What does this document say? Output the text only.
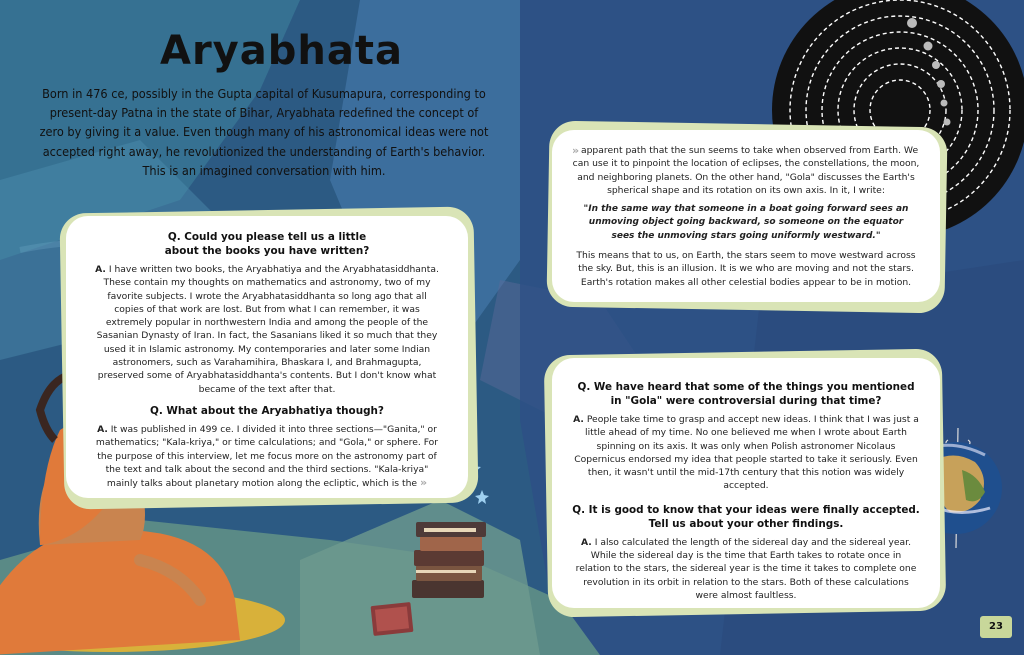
Aryabhata

Born in 476 ce, possibly in the Gupta capital of Kusumapura, corresponding to present-day Patna in the state of Bihar, Aryabhata redefined the concept of zero by giving it a value. Even though many of his astronomical ideas were not accepted right away, he revolutionized the understanding of Earth's behavior. This is an imagined conversation with him.

Q. Could you please tell us a little about the books you have written?

A. I have written two books, the Aryabhatiya and the Aryabhatasiddhanta. These contain my thoughts on mathematics and astronomy, two of my favorite subjects. I wrote the Aryabhatasiddhanta so long ago that all copies of that work are lost. But from what I can remember, it was extremely popular in northwestern India and among the people of the Sasanian Dynasty of Iran. In fact, the Sasanians liked it so much that they used it in Islamic astronomy. My contemporaries and later some Indian astronomers, such as Varahamihira, Bhaskara I, and Brahmagupta, preserved some of Aryabhatasiddhanta's contents. But I don't know what became of the text after that.

Q. What about the Aryabhatiya though?

A. It was published in 499 ce. I divided it into three sections—"Ganita," or mathematics; "Kala-kriya," or time calculations; and "Gola," or sphere. For the purpose of this interview, let me focus more on the astronomy part of the text and talk about the second and the third sections. "Kala-kriya" mainly talks about planetary motion along the ecliptic, which is the »

» apparent path that the sun seems to take when observed from Earth. We can use it to pinpoint the location of eclipses, the constellations, the moon, and neighboring planets. On the other hand, "Gola" discusses the Earth's spherical shape and its rotation on its own axis. In it, I write:

"In the same way that someone in a boat going forward sees an unmoving object going backward, so someone on the equator sees the unmoving stars going uniformly westward."

This means that to us, on Earth, the stars seem to move westward across the sky. But, this is an illusion. It is we who are moving and not the stars. Earth's rotation makes all other celestial bodies appear to be in motion.

Q. We have heard that some of the things you mentioned in "Gola" were controversial during that time?

A. People take time to grasp and accept new ideas. I think that I was just a little ahead of my time. No one believed me when I wrote about Earth spinning on its axis. It was only when Polish astronomer Nicolaus Copernicus endorsed my idea that people started to take it seriously. Even then, it wasn't until the mid-17th century that this notion was widely accepted.

Q. It is good to know that your ideas were finally accepted. Tell us about your other findings.

A. I also calculated the length of the sidereal day and the sidereal year. While the sidereal day is the time that Earth takes to rotate once in relation to the stars, the sidereal year is the time it takes to complete one revolution in its orbit in relation to the stars. Both of these calculations were almost faultless.

23
